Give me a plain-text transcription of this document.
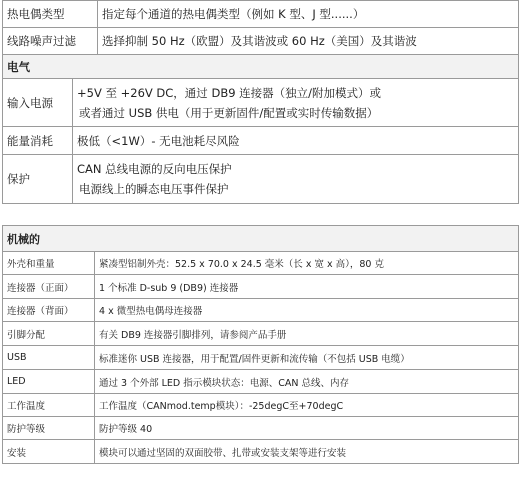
热电偶类型	指定每个通道的热电偶类型（例如 K 型、J 型......）
线路噪声过滤	选择抑制 50 Hz（欧盟）及其谐波或 60 Hz（美国）及其谐波
电气	
输入电源	+5V 至 +26V DC，通过 DB9 连接器（独立/附加模式）或
或者通过 USB 供电（用于更新固件/配置或实时传输数据）

能量消耗	极低（<1W）- 无电池耗尽风险
保护	CAN 总线电源的反向电压保护
电源线上的瞬态电压事件保护
机械的	
外壳和重量	紧凑型铝制外壳：52.5 x 70.0 x 24.5 毫米（长 x 宽 x 高），80 克
连接器（正面）	1 个标准 D-sub 9 (DB9) 连接器
连接器（背面）	4 x 微型热电偶母连接器
引脚分配	有关 DB9 连接器引脚排列，请参阅产品手册
USB	标准迷你 USB 连接器，用于配置/固件更新和流传输（不包括 USB 电缆）
LED	通过 3 个外部 LED 指示模块状态：电源、CAN 总线、内存
工作温度	工作温度（CANmod.temp模块）：-25degC至+70degC
防护等级	防护等级 40
安装	模块可以通过坚固的双面胶带、扎带或安装支架等进行安装
